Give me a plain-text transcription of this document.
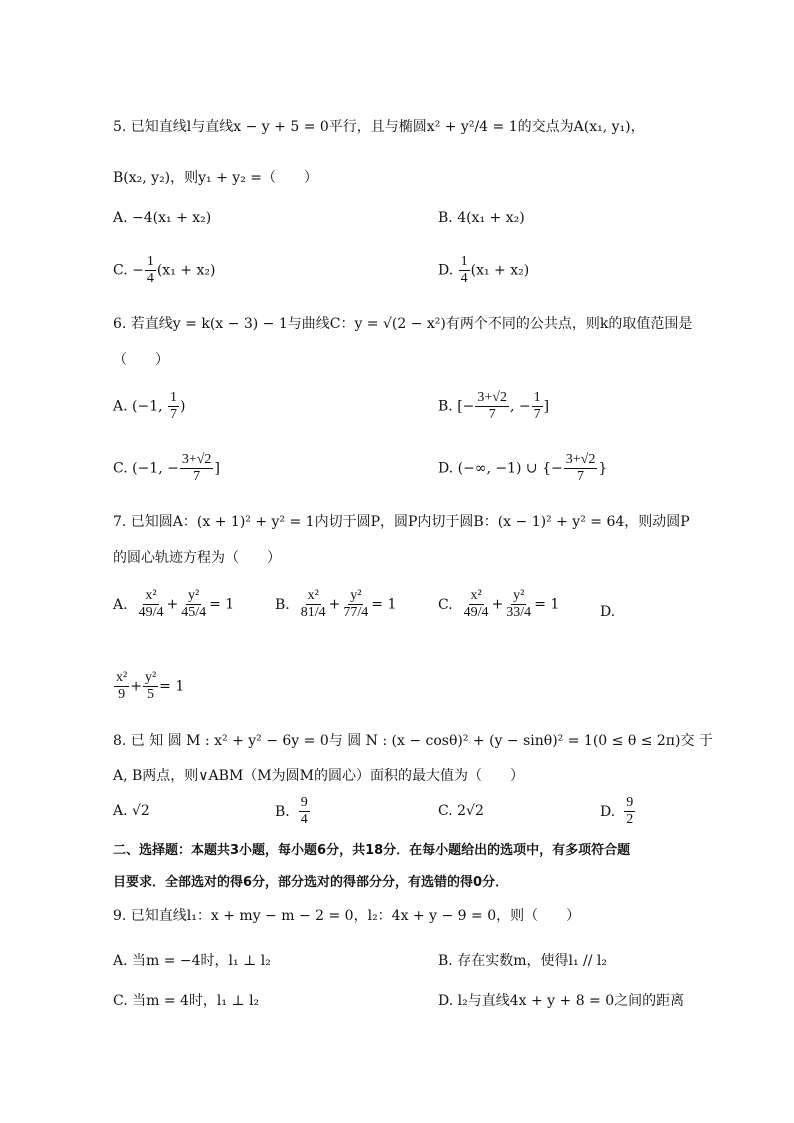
5. 已知直线l与直线x − y + 5 = 0平行，且与椭圆x² + y²/4 = 1的交点为A(x₁, y₁)，
B(x₂, y₂)，则y₁ + y₂ =（　　）
A. −4(x₁ + x₂)	B. 4(x₁ + x₂)
C. − $\frac{1}{4} (x_1 + x_2)$	D. $\frac{1}{4} (x_1 + x_2)$
6. 若直线y = k(x − 3) − 1与曲线C：y = √(2 − x²)有两个不同的公共点，则k的取值范围是
（　　）
A. (−1, $\frac{1}{7}$ )	B. [− $\frac{3+√2}{7}$ , − $\frac{1}{7}$ ]
C. (−1, − $\frac{3+√2}{7}$ ]	D. (−∞, −1) ∪ {− $\frac{3+√2}{7}$ }
7. 已知圆A：(x + 1)² + y² = 1内切于圆P，圆P内切于圆B：(x − 1)² + y² = 64，则动圆P
的圆心轨迹方程为（　　）
A. $\frac{\text{x²}}{49/4} + \frac{\text{y²}}{45/4} = 1$	B. $\frac{\text{x²}}{81/4} + \frac{\text{y²}}{77/4} = 1$	C. $\frac{\text{x²}}{49/4} + \frac{\text{y²}}{33/4} = 1$	D.
$\frac{\text{x²}}{9} + \frac{\text{y²}}{5} = 1$
8. 已 知 圆 M : x² + y² − 6y = 0与 圆 N : (x − cosθ)² + (y − sinθ)² = 1(0 ≤ θ ≤ 2π)交 于
A, B两点，则∨ABM（M为圆M的圆心）面积的最大值为（　　）
A. √2	B. $\frac{9}{4}$	C. 2√2	D. $\frac{9}{2}$
二、选择题：本题共3小题，每小题6分，共18分．在每小题给出的选项中，有多项符合题
目要求．全部选对的得6分，部分选对的得部分分，有选错的得0分．
9. 已知直线l₁：x + my − m − 2 = 0，l₂：4x + y − 9 = 0，则（　　）
A. 当m = −4时，l₁ ⊥ l₂	B. 存在实数m，使得l₁ // l₂
C. 当m = 4时，l₁ ⊥ l₂	D. l₂与直线4x + y + 8 = 0之间的距离
